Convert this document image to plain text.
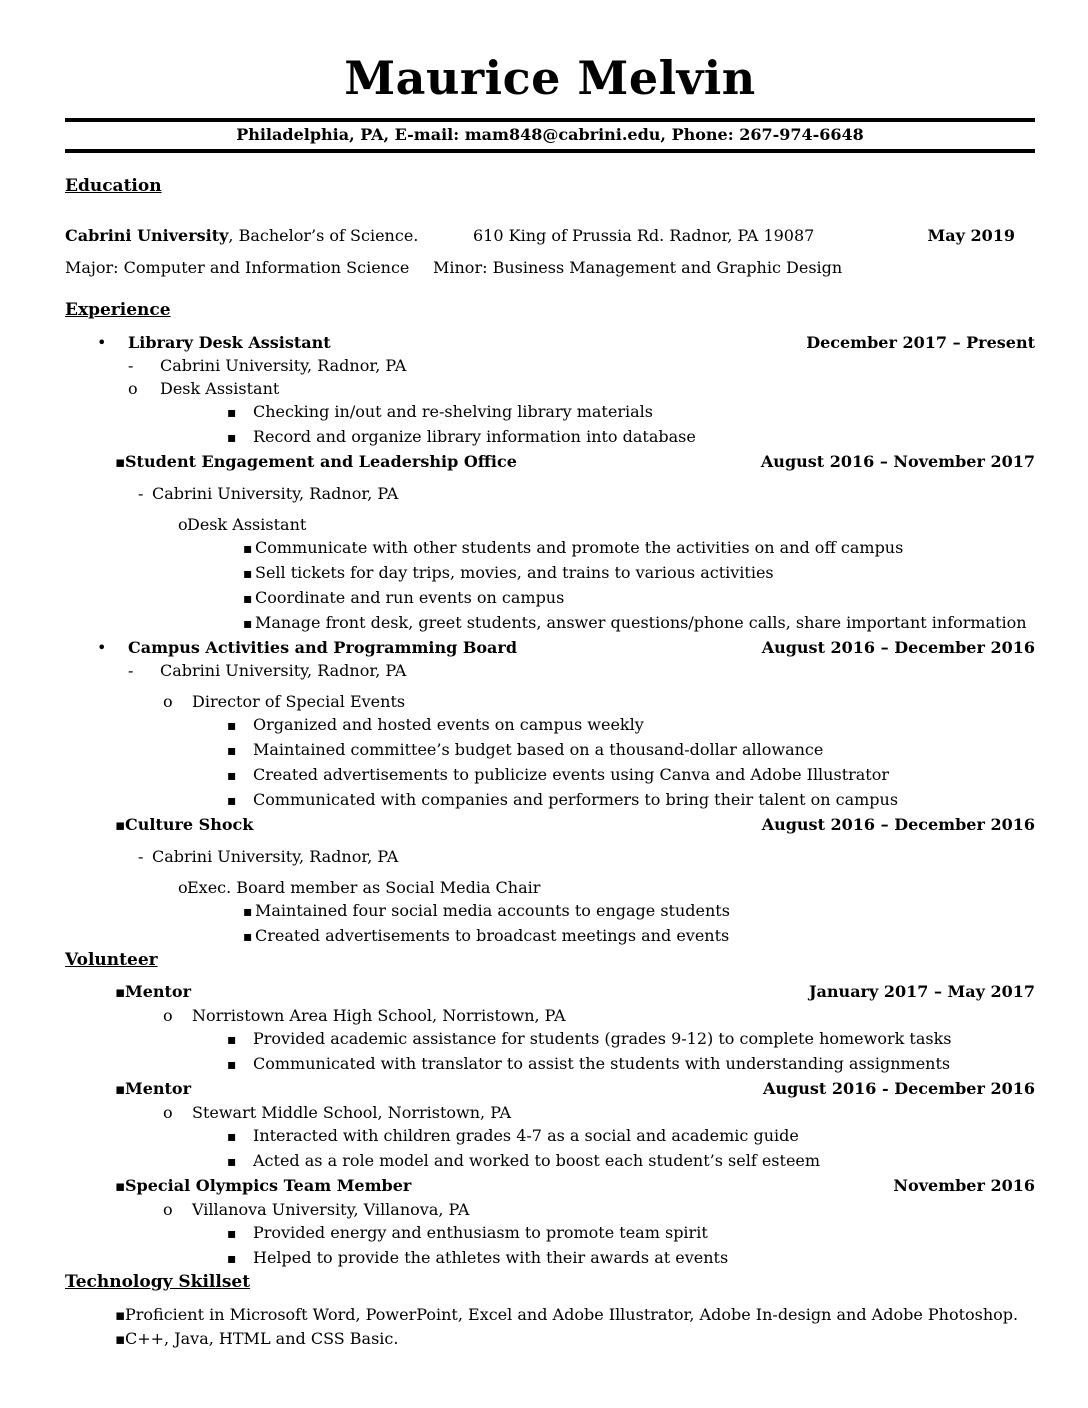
Maurice Melvin
Philadelphia, PA, E-mail: mam848@cabrini.edu, Phone: 267-974-6648
Education
Cabrini University, Bachelor’s of Science.	610 King of Prussia Rd. Radnor, PA 19087	May 2019
Major: Computer and Information Science	Minor: Business Management and Graphic Design
Experience
•	Library Desk Assistant	December 2017 – Present
-	Cabrini University, Radnor, PA
o	Desk Assistant
▪	Checking in/out and re-shelving library materials
▪	Record and organize library information into database
▪ Student Engagement and Leadership Office	August 2016 – November 2017
- Cabrini University, Radnor, PA
o Desk Assistant
▪ Communicate with other students and promote the activities on and off campus
▪ Sell tickets for day trips, movies, and trains to various activities
▪ Coordinate and run events on campus
▪ Manage front desk, greet students, answer questions/phone calls, share important information
•	Campus Activities and Programming Board	August 2016 – December 2016
-	Cabrini University, Radnor, PA
o	Director of Special Events
▪	Organized and hosted events on campus weekly
▪	Maintained committee’s budget based on a thousand-dollar allowance
▪	Created advertisements to publicize events using Canva and Adobe Illustrator
▪	Communicated with companies and performers to bring their talent on campus
▪ Culture Shock	August 2016 – December 2016
- Cabrini University, Radnor, PA
o Exec. Board member as Social Media Chair
▪ Maintained four social media accounts to engage students
▪ Created advertisements to broadcast meetings and events
Volunteer
▪ Mentor	January 2017 – May 2017
o	Norristown Area High School, Norristown, PA
▪	Provided academic assistance for students (grades 9-12) to complete homework tasks
▪	Communicated with translator to assist the students with understanding assignments
▪ Mentor	August 2016 - December 2016
o	Stewart Middle School, Norristown, PA
▪	Interacted with children grades 4-7 as a social and academic guide
▪	Acted as a role model and worked to boost each student’s self esteem
▪ Special Olympics Team Member	November 2016
o	Villanova University, Villanova, PA
▪	Provided energy and enthusiasm to promote team spirit
▪	Helped to provide the athletes with their awards at events
Technology Skillset
▪ Proficient in Microsoft Word, PowerPoint, Excel and Adobe Illustrator, Adobe In-design and Adobe Photoshop.
▪ C++, Java, HTML and CSS Basic.
